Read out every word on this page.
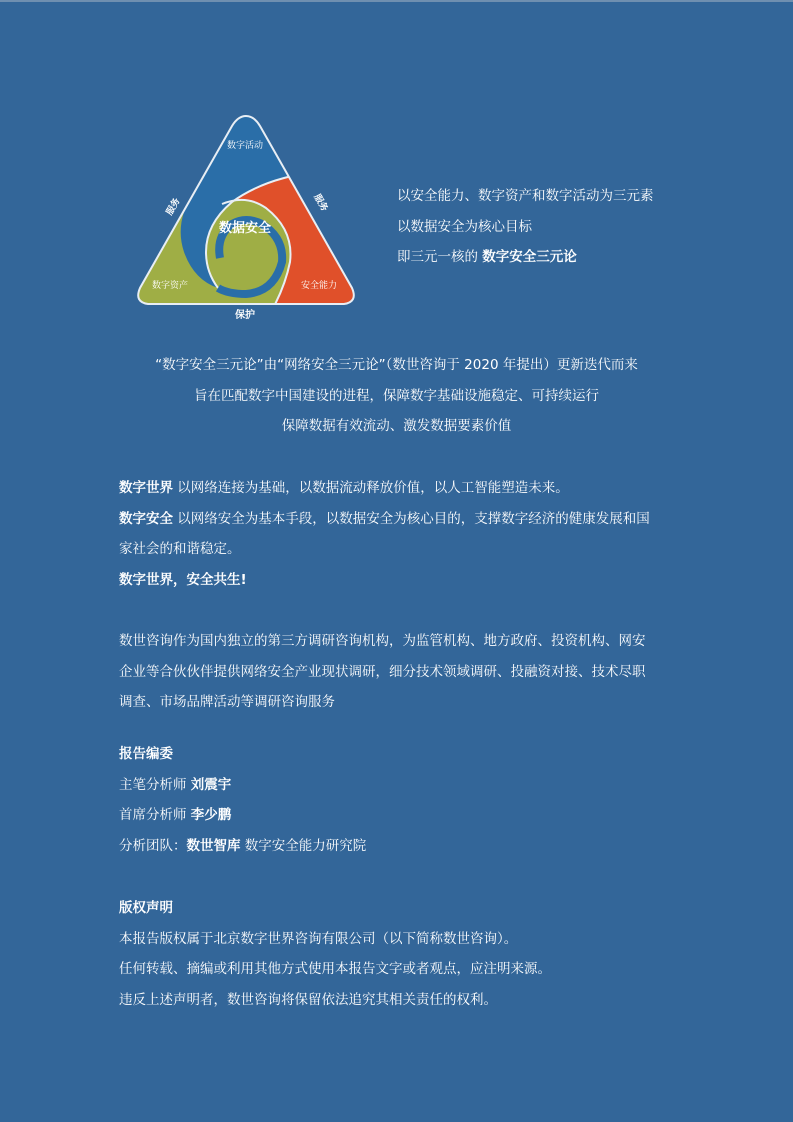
数据安全
数字活动
数字资产	安全能力
服务	服务
保护
以安全能力、数字资产和数字活动为三元素
以数据安全为核心目标
即三元一核的 数字安全三元论
“数字安全三元论”由“网络安全三元论”（数世咨询于 2020 年提出）更新迭代而来
旨在匹配数字中国建设的进程，保障数字基础设施稳定、可持续运行
保障数据有效流动、激发数据要素价值
数字世界 以网络连接为基础，以数据流动释放价值，以人工智能塑造未来。
数字安全 以网络安全为基本手段，以数据安全为核心目的，支撑数字经济的健康发展和国
家社会的和谐稳定。
数字世界，安全共生!
数世咨询作为国内独立的第三方调研咨询机构，为监管机构、地方政府、投资机构、网安
企业等合伙伙伴提供网络安全产业现状调研，细分技术领域调研、投融资对接、技术尽职
调查、市场品牌活动等调研咨询服务
报告编委
主笔分析师 刘震宇
首席分析师 李少鹏
分析团队：数世智库 数字安全能力研究院
版权声明
本报告版权属于北京数字世界咨询有限公司（以下简称数世咨询）。
任何转载、摘编或利用其他方式使用本报告文字或者观点，应注明来源。
违反上述声明者，数世咨询将保留依法追究其相关责任的权利。
